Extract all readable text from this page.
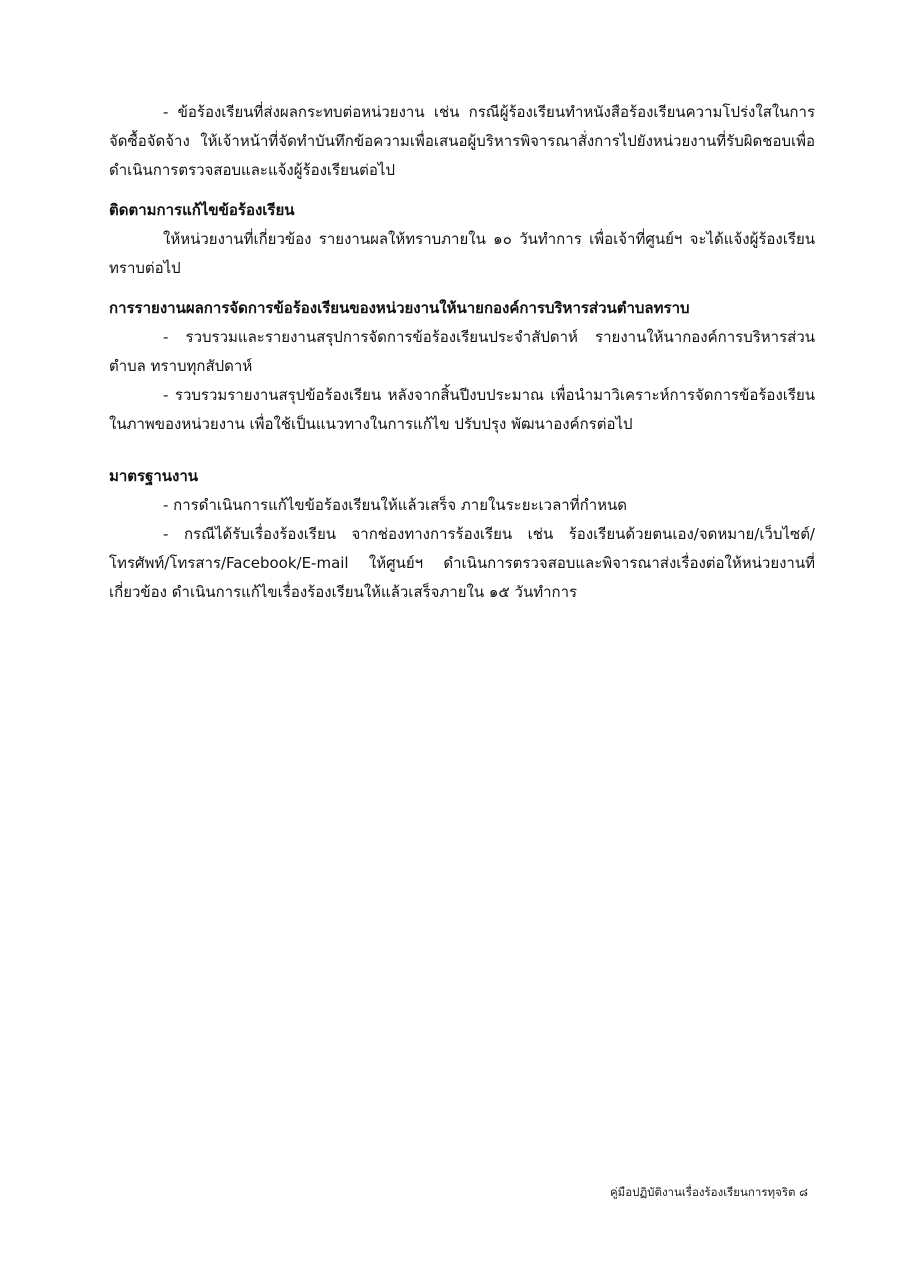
- ข้อร้องเรียนที่ส่งผลกระทบต่อหน่วยงาน เช่น กรณีผู้ร้องเรียนทำหนังสือร้องเรียนความโปร่งใสในการจัดซื้อจัดจ้าง ให้เจ้าหน้าที่จัดทำบันทึกข้อความเพื่อเสนอผู้บริหารพิจารณาสั่งการไปยังหน่วยงานที่รับผิดชอบเพื่อดำเนินการตรวจสอบและแจ้งผู้ร้องเรียนต่อไป

ติดตามการแก้ไขข้อร้องเรียน

ให้หน่วยงานที่เกี่ยวข้อง รายงานผลให้ทราบภายใน ๑๐ วันทำการ เพื่อเจ้าที่ศูนย์ฯ จะได้แจ้งผู้ร้องเรียนทราบต่อไป

การรายงานผลการจัดการข้อร้องเรียนของหน่วยงานให้นายกองค์การบริหารส่วนตำบลทราบ

- รวบรวมและรายงานสรุปการจัดการข้อร้องเรียนประจำสัปดาห์ รายงานให้นากองค์การบริหารส่วนตำบล ทราบทุกสัปดาห์

- รวบรวมรายงานสรุปข้อร้องเรียน หลังจากสิ้นปีงบประมาณ เพื่อนำมาวิเคราะห์การจัดการข้อร้องเรียนในภาพของหน่วยงาน เพื่อใช้เป็นแนวทางในการแก้ไข ปรับปรุง พัฒนาองค์กรต่อไป

มาตรฐานงาน

- การดำเนินการแก้ไขข้อร้องเรียนให้แล้วเสร็จ ภายในระยะเวลาที่กำหนด

- กรณีได้รับเรื่องร้องเรียน จากช่องทางการร้องเรียน เช่น ร้องเรียนด้วยตนเอง/จดหมาย/เว็บไซต์/โทรศัพท์/โทรสาร/Facebook/E-mail ให้ศูนย์ฯ ดำเนินการตรวจสอบและพิจารณาส่งเรื่องต่อให้หน่วยงานที่เกี่ยวข้อง ดำเนินการแก้ไขเรื่องร้องเรียนให้แล้วเสร็จภายใน ๑๕ วันทำการ

คู่มือปฏิบัติงานเรื่องร้องเรียนการทุจริต ๘
